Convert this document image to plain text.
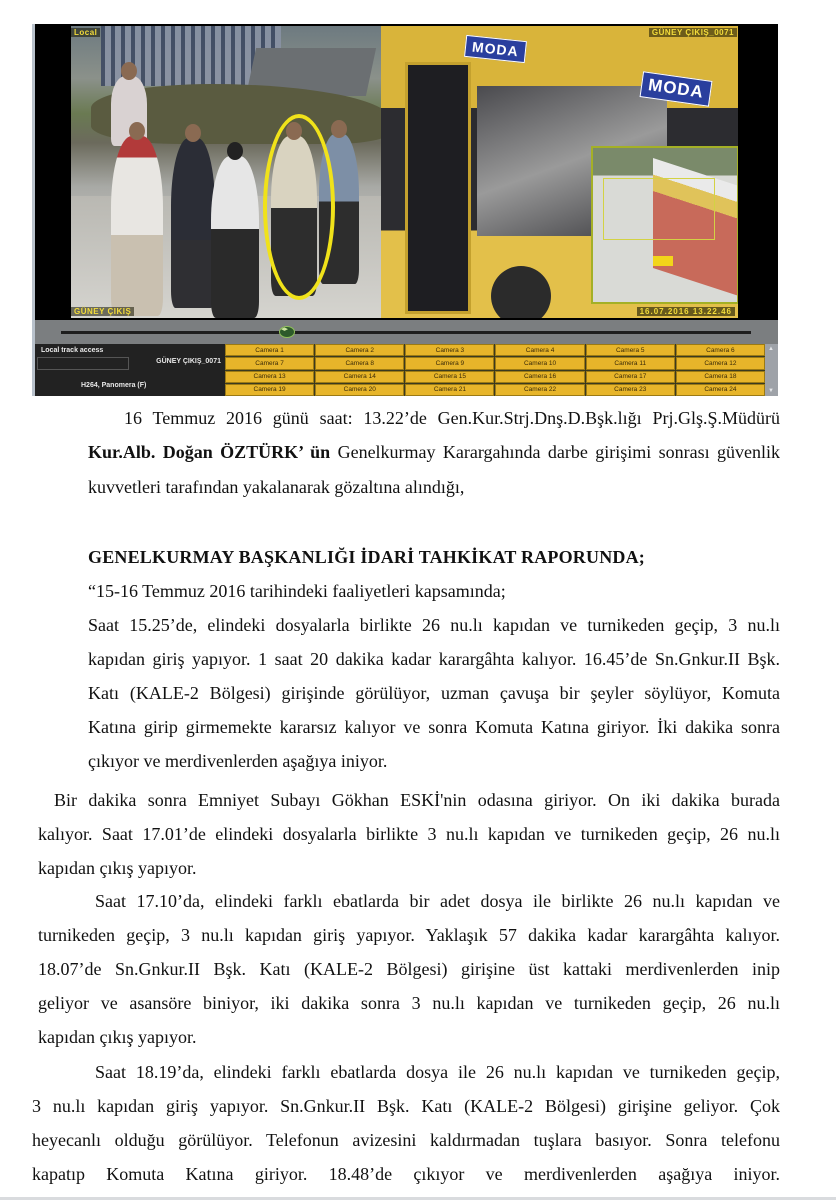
MODA
MODA
Local	GÜNEY ÇIKIŞ_0071
GÜNEY ÇIKIŞ	16.07.2016 13.22.46
◂▸
Local track access
GÜNEY ÇIKIŞ_0071
H264, Panomera (F)
Camera 1	Camera 2	Camera 3	Camera 4	Camera 5	Camera 6
Camera 7	Camera 8	Camera 9	Camera 10	Camera 11	Camera 12
Camera 13	Camera 14	Camera 15	Camera 16	Camera 17	Camera 18
Camera 19	Camera 20	Camera 21	Camera 22	Camera 23	Camera 24
▲
▼
16 Temmuz 2016 günü saat: 13.22’de Gen.Kur.Strj.Dnş.D.Bşk.lığı Prj.Glş.Ş.Müdürü
Kur.Alb. Doğan ÖZTÜRK’ ün Genelkurmay Karargahında darbe girişimi sonrası güvenlik
kuvvetleri tarafından yakalanarak gözaltına alındığı,
GENELKURMAY BAŞKANLIĞI İDARİ TAHKİKAT RAPORUNDA;
“15-16 Temmuz 2016 tarihindeki faaliyetleri kapsamında;
Saat 15.25’de, elindeki dosyalarla birlikte 26 nu.lı kapıdan ve turnikeden geçip, 3 nu.lı
kapıdan giriş yapıyor. 1 saat 20 dakika kadar karargâhta kalıyor. 16.45’de Sn.Gnkur.II Bşk.
Katı (KALE-2 Bölgesi) girişinde görülüyor, uzman çavuşa bir şeyler söylüyor, Komuta
Katına girip girmemekte kararsız kalıyor ve sonra Komuta Katına giriyor. İki dakika sonra
çıkıyor ve merdivenlerden aşağıya iniyor.
Bir dakika sonra Emniyet Subayı Gökhan ESKİ'nin odasına giriyor. On iki dakika burada
kalıyor. Saat 17.01’de elindeki dosyalarla birlikte 3 nu.lı kapıdan ve turnikeden geçip, 26 nu.lı
kapıdan çıkış yapıyor.
Saat 17.10’da, elindeki farklı ebatlarda bir adet dosya ile birlikte 26 nu.lı kapıdan ve
turnikeden geçip, 3 nu.lı kapıdan giriş yapıyor. Yaklaşık 57 dakika kadar karargâhta kalıyor.
18.07’de Sn.Gnkur.II Bşk. Katı (KALE-2 Bölgesi) girişine üst kattaki merdivenlerden inip
geliyor ve asansöre biniyor, iki dakika sonra 3 nu.lı kapıdan ve turnikeden geçip, 26 nu.lı
kapıdan çıkış yapıyor.
Saat 18.19’da, elindeki farklı ebatlarda dosya ile 26 nu.lı kapıdan ve turnikeden geçip,
3 nu.lı kapıdan giriş yapıyor. Sn.Gnkur.II Bşk. Katı (KALE-2 Bölgesi) girişine geliyor. Çok
heyecanlı olduğu görülüyor. Telefonun avizesini kaldırmadan tuşlara basıyor. Sonra telefonu
kapatıp Komuta Katına giriyor. 18.48’de çıkıyor ve merdivenlerden aşağıya iniyor.
